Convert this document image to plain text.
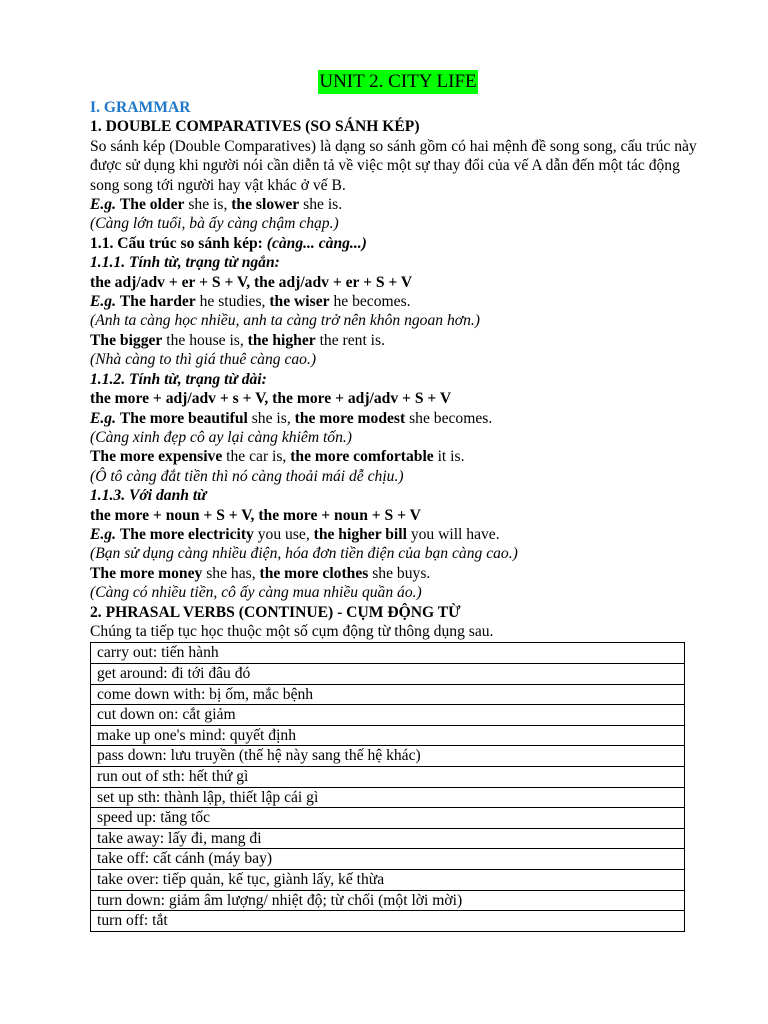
UNIT 2. CITY LIFE
I. GRAMMAR
1. DOUBLE COMPARATIVES (SO SÁNH KÉP)
So sánh kép (Double Comparatives) là dạng so sánh gồm có hai mệnh đề song song, cấu trúc này được sử dụng khi người nói cần diễn tả về việc một sự thay đổi của vế A dẫn đến một tác động song song tới người hay vật khác ở vế B.
E.g. The older she is, the slower she is.
(Càng lớn tuổi, bà ấy càng chậm chạp.)
1.1. Cấu trúc so sánh kép: (càng... càng...)
1.1.1. Tính từ, trạng từ ngắn:
the adj/adv + er + S + V, the adj/adv + er + S + V
E.g. The harder he studies, the wiser he becomes.
(Anh ta càng học nhiều, anh ta càng trở nên khôn ngoan hơn.)
The bigger the house is, the higher the rent is.
(Nhà càng to thì giá thuê càng cao.)
1.1.2. Tính từ, trạng từ dài:
the more + adj/adv + s + V, the more + adj/adv + S + V
E.g. The more beautiful she is, the more modest she becomes.
(Càng xinh đẹp cô ay lại càng khiêm tốn.)
The more expensive the car is, the more comfortable it is.
(Ô tô càng đắt tiền thì nó càng thoải mái dễ chịu.)
1.1.3. Với danh từ
the more + noun + S + V, the more + noun + S + V
E.g. The more electricity you use, the higher bill you will have.
(Bạn sử dụng càng nhiều điện, hóa đơn tiền điện của bạn càng cao.)
The more money she has, the more clothes she buys.
(Càng có nhiều tiền, cô ấy càng mua nhiều quần áo.)
2. PHRASAL VERBS (CONTINUE) - CỤM ĐỘNG TỪ
Chúng ta tiếp tục học thuộc một số cụm động từ thông dụng sau.
carry out: tiến hành
get around: đi tới đâu đó
come down with: bị ốm, mắc bệnh
cut down on: cắt giảm
make up one's mind: quyết định
pass down: lưu truyền (thế hệ này sang thế hệ khác)
run out of sth: hết thứ gì
set up sth: thành lập, thiết lập cái gì
speed up: tăng tốc
take away: lấy đi, mang đi
take off: cất cánh (máy bay)
take over: tiếp quản, kế tục, giành lấy, kế thừa
turn down: giảm âm lượng/ nhiệt độ; từ chối (một lời mời)
turn off: tắt
